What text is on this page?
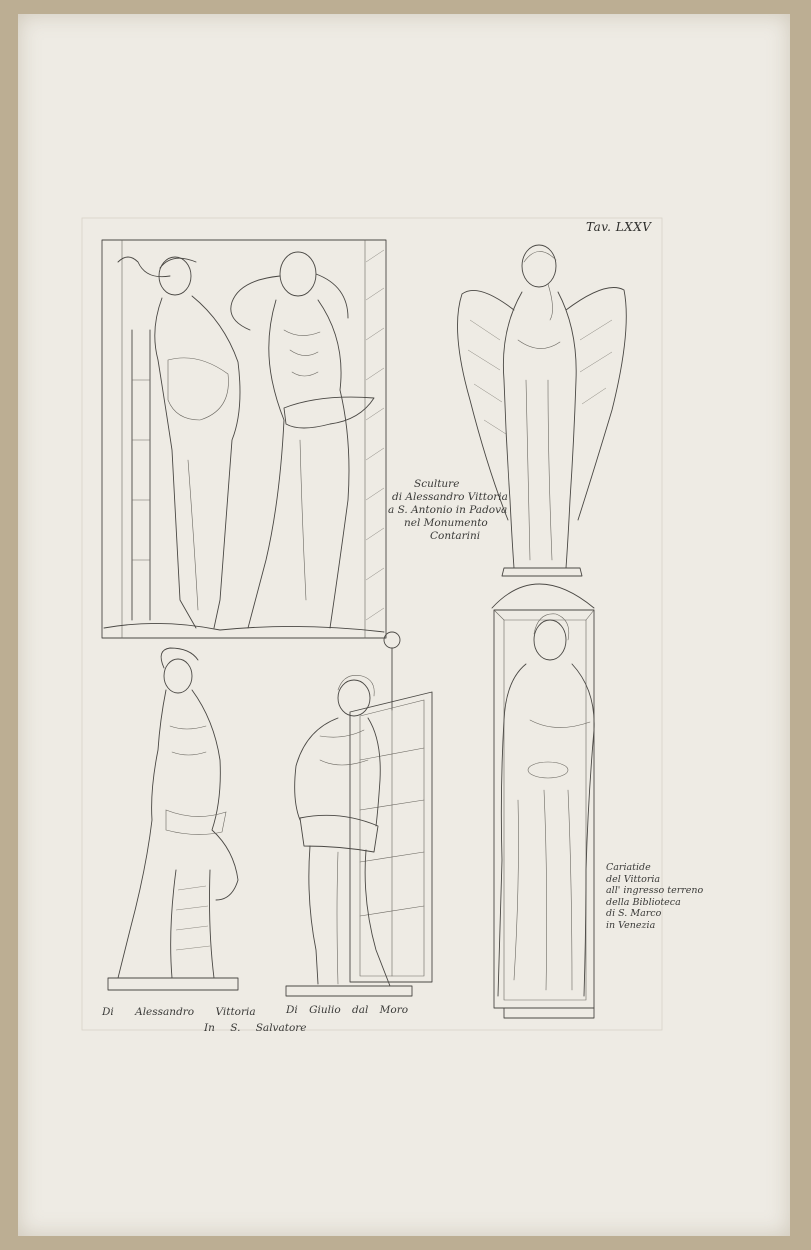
Tav. LXXV
Sculture
di Alessandro Vittoria
a S. Antonio in Padova
nel Monumento
Contarini
Di Alessandro Vittoria
In S. Salvatore
Di Giulio dal Moro
Cariatide
del Vittoria
all' ingresso terreno
della Biblioteca
di S. Marco
in Venezia
